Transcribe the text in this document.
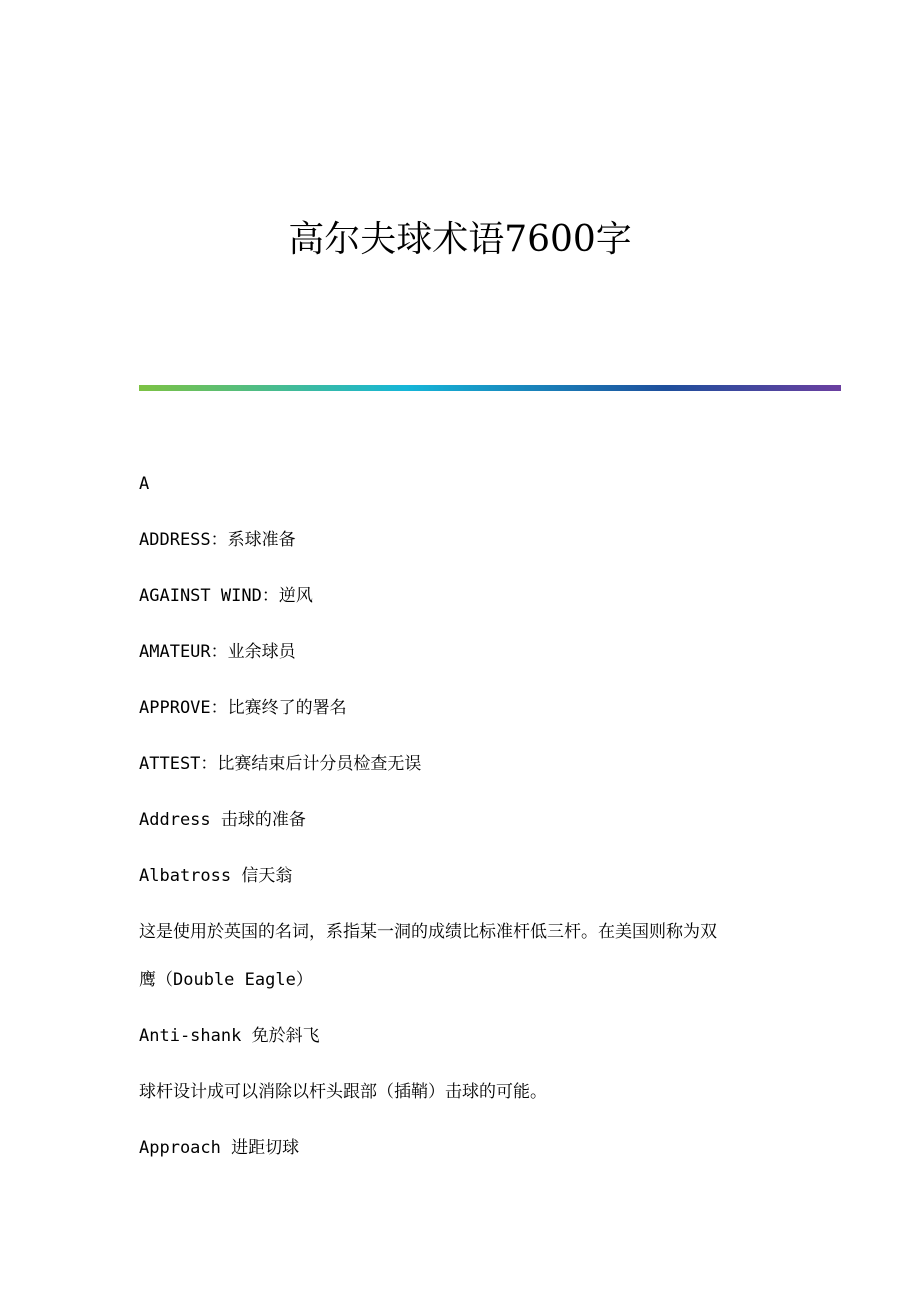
高尔夫球术语7600字
A
ADDRESS：系球准备
AGAINST WIND：逆风
AMATEUR：业余球员
APPROVE：比赛终了的署名
ATTEST：比赛结束后计分员检查无误
Address 击球的准备
Albatross 信天翁
这是使用於英国的名词，系指某一洞的成绩比标准杆低三杆。在美国则称为双
鹰（Double Eagle）
Anti-shank 免於斜飞
球杆设计成可以消除以杆头跟部（插鞘）击球的可能。
Approach 进距切球
